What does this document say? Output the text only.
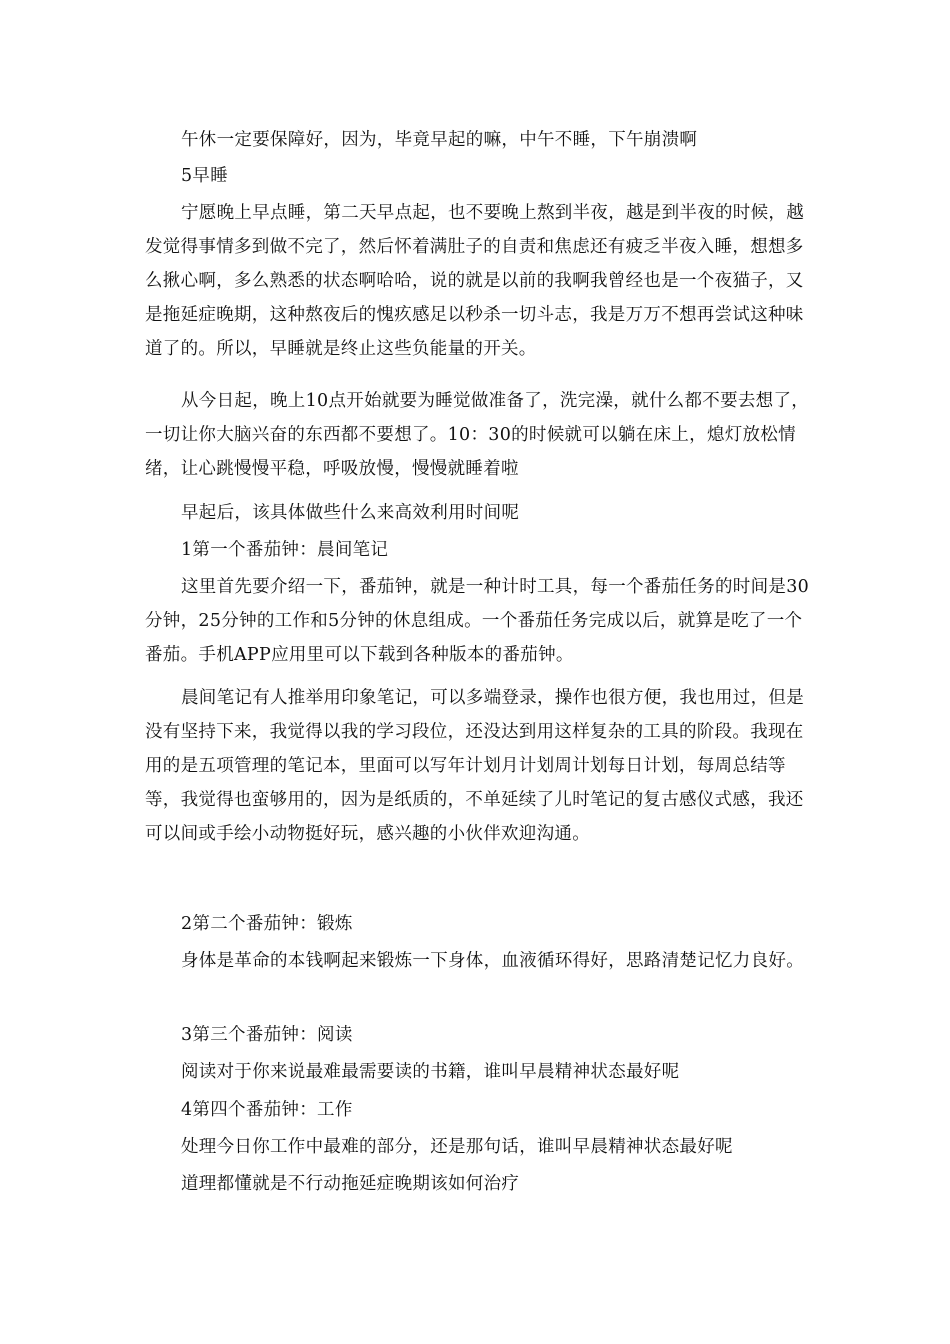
午休一定要保障好，因为，毕竟早起的嘛，中午不睡，下午崩溃啊

5早睡

宁愿晚上早点睡，第二天早点起，也不要晚上熬到半夜，越是到半夜的时候，越发觉得事情多到做不完了，然后怀着满肚子的自责和焦虑还有疲乏半夜入睡，想想多么揪心啊，多么熟悉的状态啊哈哈，说的就是以前的我啊我曾经也是一个夜猫子，又是拖延症晚期，这种熬夜后的愧疚感足以秒杀一切斗志，我是万万不想再尝试这种味道了的。所以，早睡就是终止这些负能量的开关。

从今日起，晚上10点开始就要为睡觉做准备了，洗完澡，就什么都不要去想了，一切让你大脑兴奋的东西都不要想了。10：30的时候就可以躺在床上，熄灯放松情绪，让心跳慢慢平稳，呼吸放慢，慢慢就睡着啦

早起后，该具体做些什么来高效利用时间呢

1第一个番茄钟：晨间笔记

这里首先要介绍一下，番茄钟，就是一种计时工具，每一个番茄任务的时间是30分钟，25分钟的工作和5分钟的休息组成。一个番茄任务完成以后，就算是吃了一个番茄。手机APP应用里可以下载到各种版本的番茄钟。

晨间笔记有人推举用印象笔记，可以多端登录，操作也很方便，我也用过，但是没有坚持下来，我觉得以我的学习段位，还没达到用这样复杂的工具的阶段。我现在用的是五项管理的笔记本，里面可以写年计划月计划周计划每日计划，每周总结等等，我觉得也蛮够用的，因为是纸质的，不单延续了儿时笔记的复古感仪式感，我还可以间或手绘小动物挺好玩，感兴趣的小伙伴欢迎沟通。

2第二个番茄钟：锻炼

身体是革命的本钱啊起来锻炼一下身体，血液循环得好，思路清楚记忆力良好。

3第三个番茄钟：阅读

阅读对于你来说最难最需要读的书籍，谁叫早晨精神状态最好呢

4第四个番茄钟：工作

处理今日你工作中最难的部分，还是那句话，谁叫早晨精神状态最好呢

道理都懂就是不行动拖延症晚期该如何治疗
